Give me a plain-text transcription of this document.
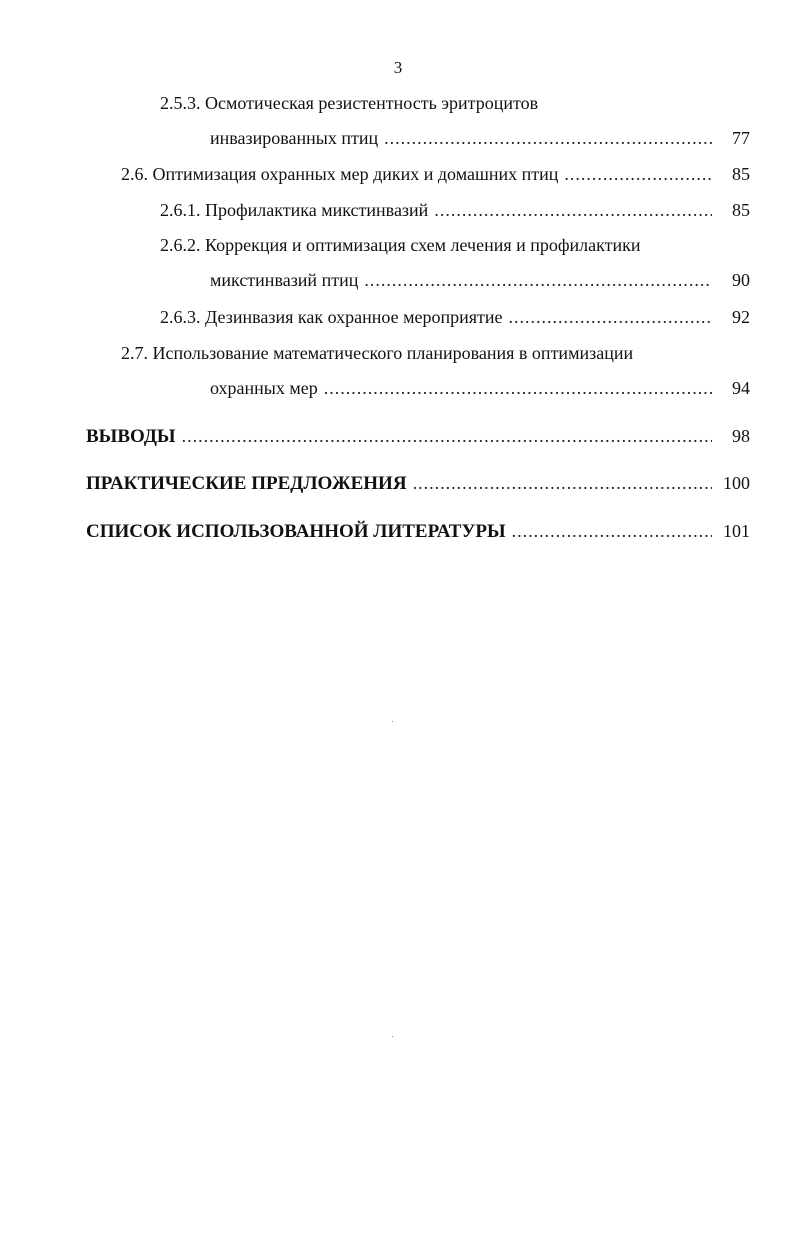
3
2.5.3. Осмотическая резистентность эритроцитов
инвазированных птиц .....	77
2.6. Оптимизация охранных мер диких и домашних птиц .....	85
2.6.1. Профилактика микстинвазий .....	85
2.6.2. Коррекция и оптимизация схем лечения и профилактики
микстинвазий птиц .....	90
2.6.3. Дезинвазия как охранное мероприятие .....	92
2.7. Использование математического планирования в оптимизации
охранных мер .....	94
ВЫВОДЫ .....	98
ПРАКТИЧЕСКИЕ ПРЕДЛОЖЕНИЯ .....	100
СПИСОК ИСПОЛЬЗОВАННОЙ ЛИТЕРАТУРЫ .....	101
